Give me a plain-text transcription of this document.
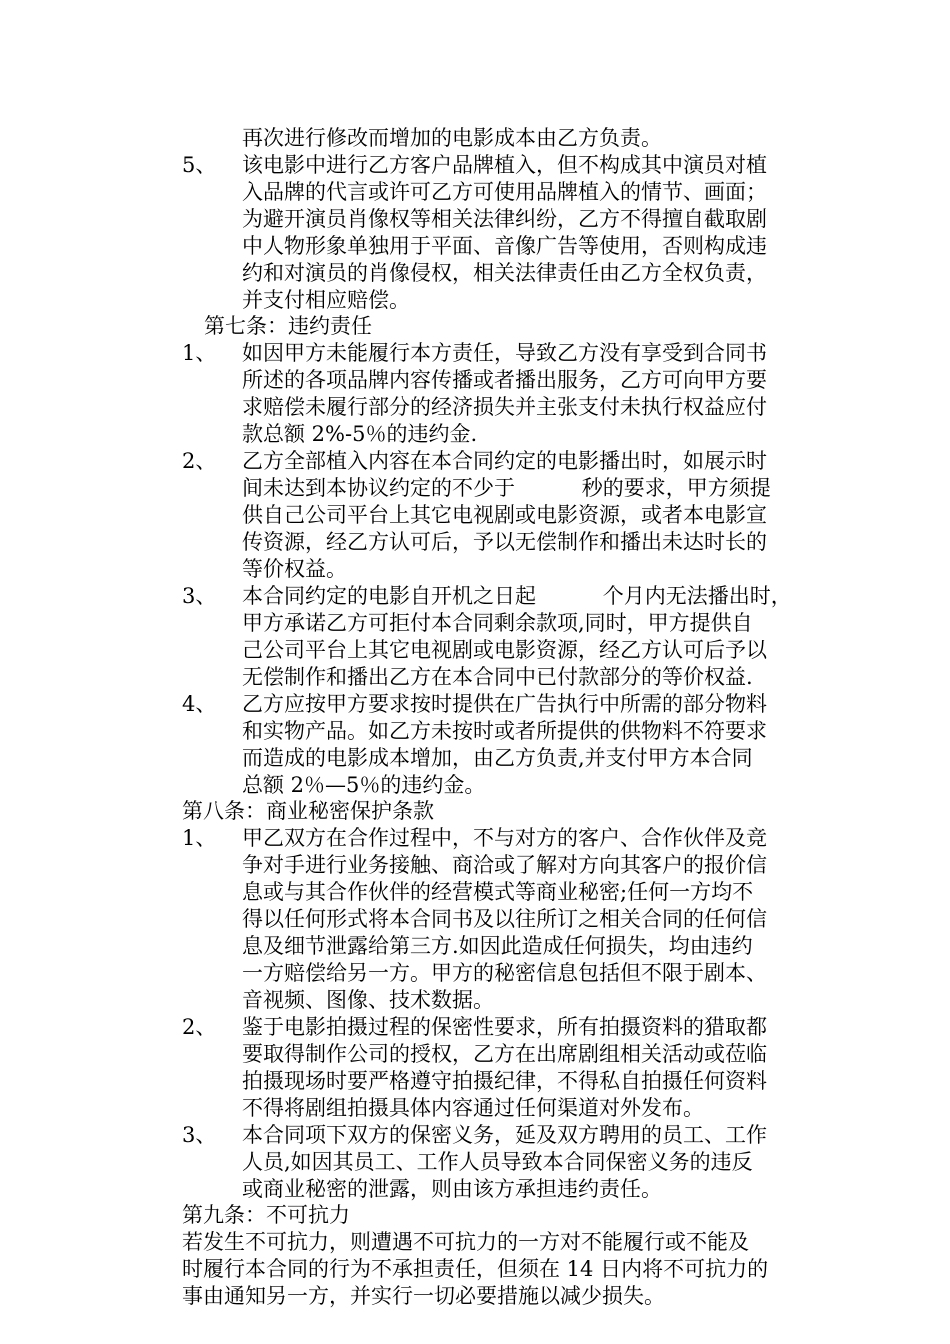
再次进行修改而增加的电影成本由乙方负责。
5、 该电影中进行乙方客户品牌植入，但不构成其中演员对植
入品牌的代言或许可乙方可使用品牌植入的情节、画面；
为避开演员肖像权等相关法律纠纷，乙方不得擅自截取剧
中人物形象单独用于平面、音像广告等使用，否则构成违
约和对演员的肖像侵权，相关法律责任由乙方全权负责，
并支付相应赔偿。
第七条：违约责任
1、 如因甲方未能履行本方责任，导致乙方没有享受到合同书
所述的各项品牌内容传播或者播出服务，乙方可向甲方要
求赔偿未履行部分的经济损失并主张支付未执行权益应付
款总额 2%-5％的违约金.
2、 乙方全部植入内容在本合同约定的电影播出时，如展示时
间未达到本协议约定的不少于          秒的要求，甲方须提
供自己公司平台上其它电视剧或电影资源，或者本电影宣
传资源，经乙方认可后，予以无偿制作和播出未达时长的
等价权益。
3、 本合同约定的电影自开机之日起          个月内无法播出时，
甲方承诺乙方可拒付本合同剩余款项,同时，甲方提供自
己公司平台上其它电视剧或电影资源，经乙方认可后予以
无偿制作和播出乙方在本合同中已付款部分的等价权益.
4、 乙方应按甲方要求按时提供在广告执行中所需的部分物料
和实物产品。如乙方未按时或者所提供的供物料不符要求
而造成的电影成本增加，由乙方负责,并支付甲方本合同
总额 2％—5％的违约金。
第八条：商业秘密保护条款
1、 甲乙双方在合作过程中，不与对方的客户、合作伙伴及竞
争对手进行业务接触、商洽或了解对方向其客户的报价信
息或与其合作伙伴的经营模式等商业秘密;任何一方均不
得以任何形式将本合同书及以往所订之相关合同的任何信
息及细节泄露给第三方.如因此造成任何损失，均由违约
一方赔偿给另一方。甲方的秘密信息包括但不限于剧本、
音视频、图像、技术数据。
2、 鉴于电影拍摄过程的保密性要求，所有拍摄资料的猎取都
要取得制作公司的授权，乙方在出席剧组相关活动或莅临
拍摄现场时要严格遵守拍摄纪律，不得私自拍摄任何资料
不得将剧组拍摄具体内容通过任何渠道对外发布。
3、 本合同项下双方的保密义务，延及双方聘用的员工、工作
人员,如因其员工、工作人员导致本合同保密义务的违反
或商业秘密的泄露，则由该方承担违约责任。
第九条：不可抗力
若发生不可抗力，则遭遇不可抗力的一方对不能履行或不能及
时履行本合同的行为不承担责任，但须在 14 日内将不可抗力的
事由通知另一方，并实行一切必要措施以减少损失。
